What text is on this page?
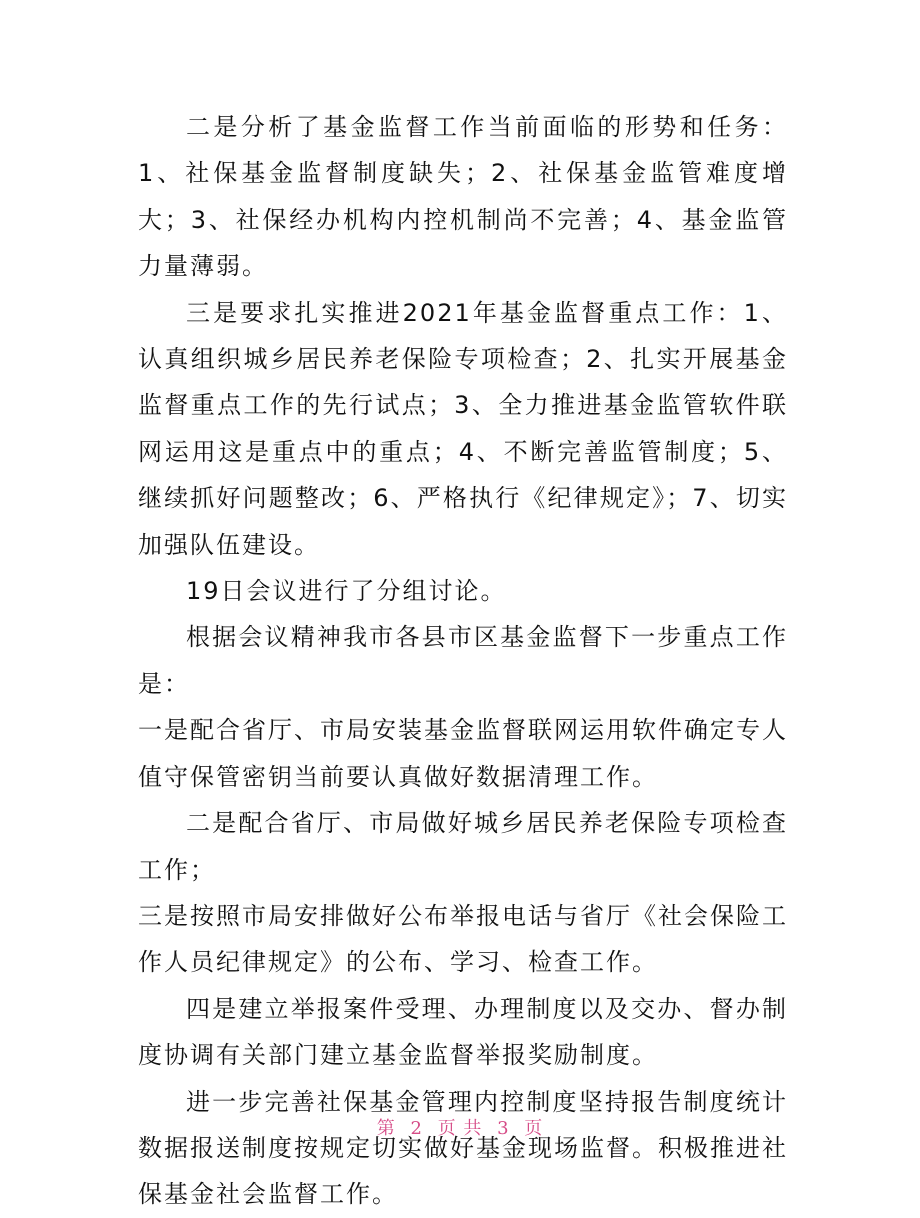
二是分析了基金监督工作当前面临的形势和任务：1、社保基金监督制度缺失；2、社保基金监管难度增大；3、社保经办机构内控机制尚不完善；4、基金监管力量薄弱。

三是要求扎实推进2021年基金监督重点工作：1、认真组织城乡居民养老保险专项检查；2、扎实开展基金监督重点工作的先行试点；3、全力推进基金监管软件联网运用这是重点中的重点；4、不断完善监管制度；5、继续抓好问题整改；6、严格执行《纪律规定》；7、切实加强队伍建设。

19日会议进行了分组讨论。

根据会议精神我市各县市区基金监督下一步重点工作是：

一是配合省厅、市局安装基金监督联网运用软件确定专人值守保管密钥当前要认真做好数据清理工作。

二是配合省厅、市局做好城乡居民养老保险专项检查工作；

三是按照市局安排做好公布举报电话与省厅《社会保险工作人员纪律规定》的公布、学习、检查工作。

四是建立举报案件受理、办理制度以及交办、督办制度协调有关部门建立基金监督举报奖励制度。

进一步完善社保基金管理内控制度坚持报告制度统计数据报送制度按规定切实做好基金现场监督。积极推进社保基金社会监督工作。

第 2 页 共 3 页
